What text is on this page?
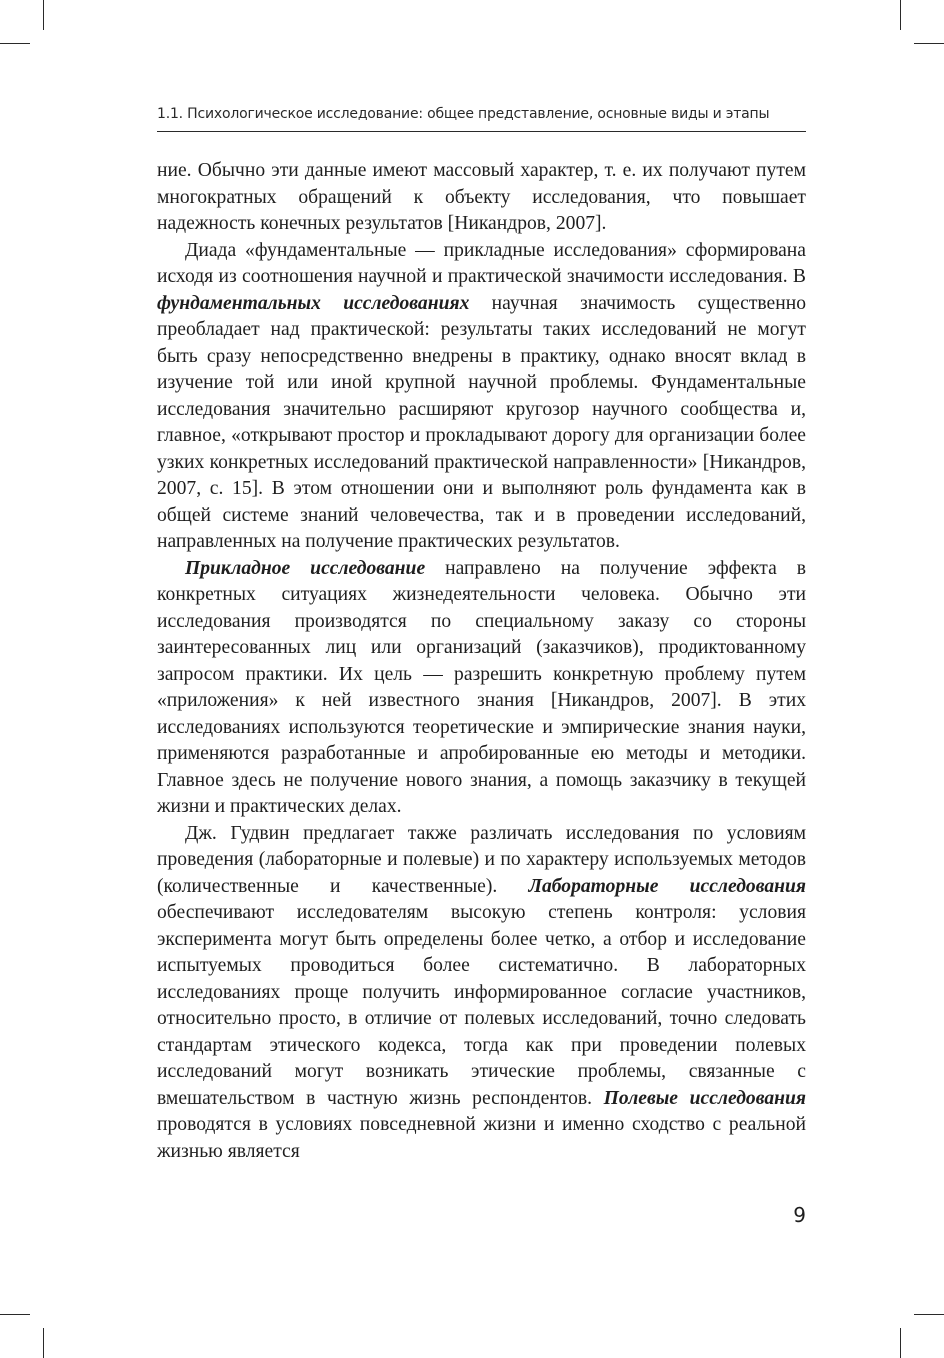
1.1. Психологическое исследование: общее представление, основные виды и этапы

ние. Обычно эти данные имеют массовый характер, т. е. их получают путем многократных обращений к объекту исследования, что повышает надежность конечных результатов [Никандров, 2007].

Диада «фундаментальные — прикладные исследования» сформирована исходя из соотношения научной и практической значимости исследования. В фундаментальных исследованиях научная значимость существенно преобладает над практической: результаты таких исследований не могут быть сразу непосредственно внедрены в практику, однако вносят вклад в изучение той или иной крупной научной проблемы. Фундаментальные исследования значительно расширяют кругозор научного сообщества и, главное, «открывают простор и прокладывают дорогу для организации более узких конкретных исследований практической направленности» [Никандров, 2007, с. 15]. В этом отношении они и выполняют роль фундамента как в общей системе знаний человечества, так и в проведении исследований, направленных на получение практических результатов.

Прикладное исследование направлено на получение эффекта в конкретных ситуациях жизнедеятельности человека. Обычно эти исследования производятся по специальному заказу со стороны заинтересованных лиц или организаций (заказчиков), продиктованному запросом практики. Их цель — разрешить конкретную проблему путем «приложения» к ней известного знания [Никандров, 2007]. В этих исследованиях используются теоретические и эмпирические знания науки, применяются разработанные и апробированные ею методы и методики. Главное здесь не получение нового знания, а помощь заказчику в текущей жизни и практических делах.

Дж. Гудвин предлагает также различать исследования по условиям проведения (лабораторные и полевые) и по характеру используемых методов (количественные и качественные). Лабораторные исследования обеспечивают исследователям высокую степень контроля: условия эксперимента могут быть определены более четко, а отбор и исследование испытуемых проводиться более систематично. В лабораторных исследованиях проще получить информированное согласие участников, относительно просто, в отличие от полевых исследований, точно следовать стандартам этического кодекса, тогда как при проведении полевых исследований могут возникать этические проблемы, связанные с вмешательством в частную жизнь респондентов. Полевые исследования проводятся в условиях повседневной жизни и именно сходство с реальной жизнью является

9
